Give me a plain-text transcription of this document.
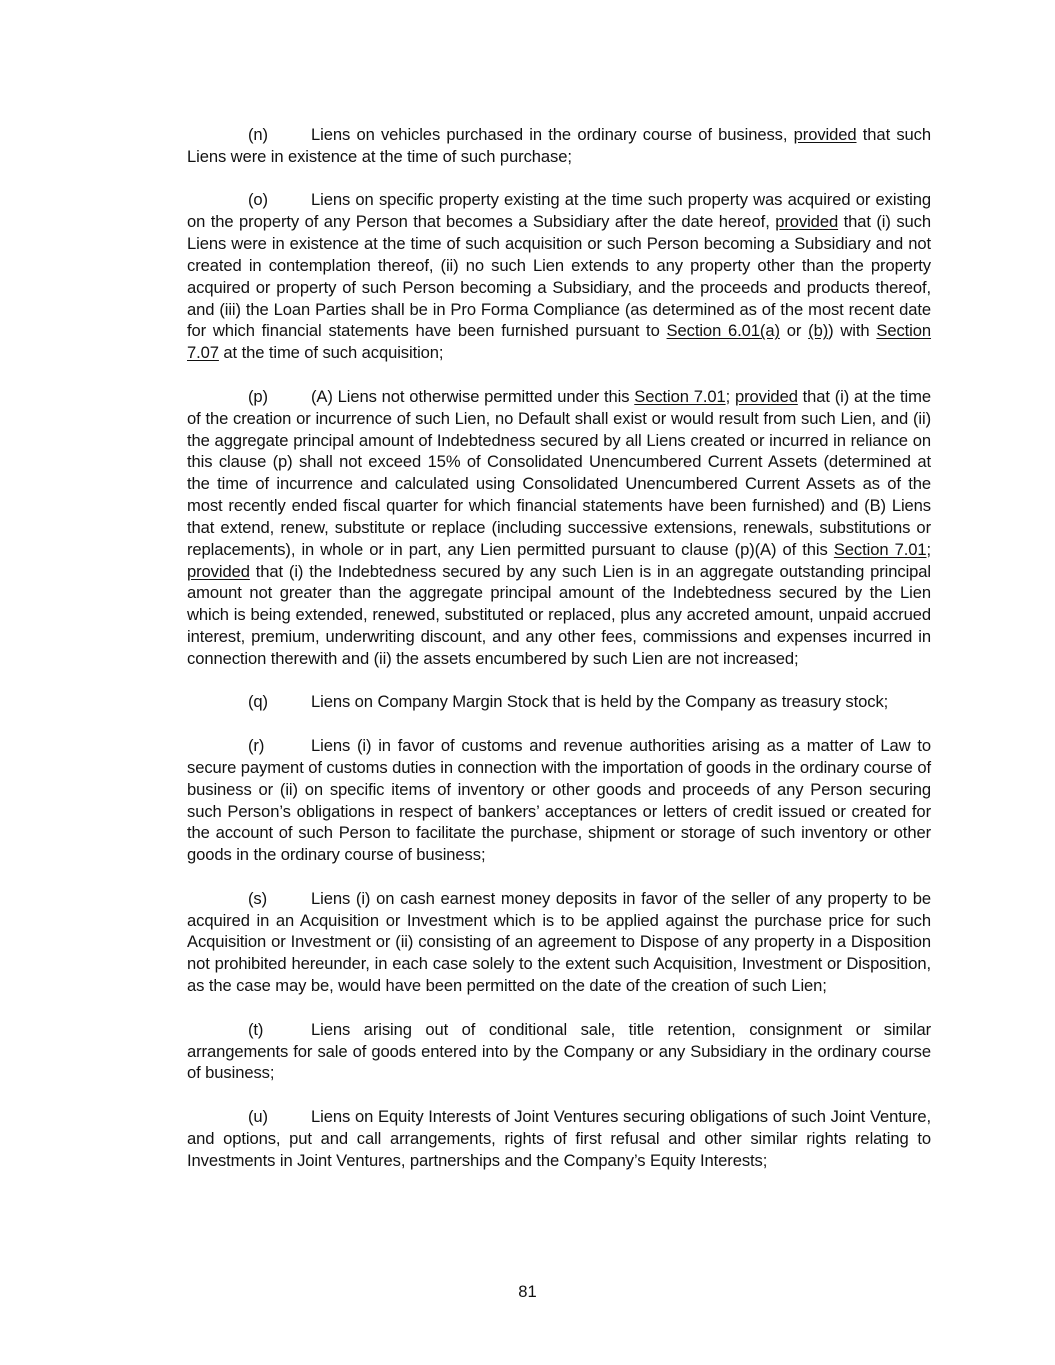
(n)	Liens on vehicles purchased in the ordinary course of business, provided that such Liens were in existence at the time of such purchase;

(o)	Liens on specific property existing at the time such property was acquired or existing on the property of any Person that becomes a Subsidiary after the date hereof, provided that (i) such Liens were in existence at the time of such acquisition or such Person becoming a Subsidiary and not created in contemplation thereof, (ii) no such Lien extends to any property other than the property acquired or property of such Person becoming a Subsidiary, and the proceeds and products thereof, and (iii) the Loan Parties shall be in Pro Forma Compliance (as determined as of the most recent date for which financial statements have been furnished pursuant to Section 6.01(a) or (b)) with Section 7.07 at the time of such acquisition;

(p)	(A) Liens not otherwise permitted under this Section 7.01; provided that (i) at the time of the creation or incurrence of such Lien, no Default shall exist or would result from such Lien, and (ii) the aggregate principal amount of Indebtedness secured by all Liens created or incurred in reliance on this clause (p) shall not exceed 15% of Consolidated Unencumbered Current Assets (determined at the time of incurrence and calculated using Consolidated Unencumbered Current Assets as of the most recently ended fiscal quarter for which financial statements have been furnished) and (B) Liens that extend, renew, substitute or replace (including successive extensions, renewals, substitutions or replacements), in whole or in part, any Lien permitted pursuant to clause (p)(A) of this Section 7.01; provided that (i) the Indebtedness secured by any such Lien is in an aggregate outstanding principal amount not greater than the aggregate principal amount of the Indebtedness secured by the Lien which is being extended, renewed, substituted or replaced, plus any accreted amount, unpaid accrued interest, premium, underwriting discount, and any other fees, commissions and expenses incurred in connection therewith and (ii) the assets encumbered by such Lien are not increased;

(q)	Liens on Company Margin Stock that is held by the Company as treasury stock;

(r)	Liens (i) in favor of customs and revenue authorities arising as a matter of Law to secure payment of customs duties in connection with the importation of goods in the ordinary course of business or (ii) on specific items of inventory or other goods and proceeds of any Person securing such Person’s obligations in respect of bankers’ acceptances or letters of credit issued or created for the account of such Person to facilitate the purchase, shipment or storage of such inventory or other goods in the ordinary course of business;

(s)	Liens (i) on cash earnest money deposits in favor of the seller of any property to be acquired in an Acquisition or Investment which is to be applied against the purchase price for such Acquisition or Investment or (ii) consisting of an agreement to Dispose of any property in a Disposition not prohibited hereunder, in each case solely to the extent such Acquisition, Investment or Disposition, as the case may be, would have been permitted on the date of the creation of such Lien;

(t)	Liens arising out of conditional sale, title retention, consignment or similar arrangements for sale of goods entered into by the Company or any Subsidiary in the ordinary course of business;

(u)	Liens on Equity Interests of Joint Ventures securing obligations of such Joint Venture, and options, put and call arrangements, rights of first refusal and other similar rights relating to Investments in Joint Ventures, partnerships and the Company’s Equity Interests;

81
